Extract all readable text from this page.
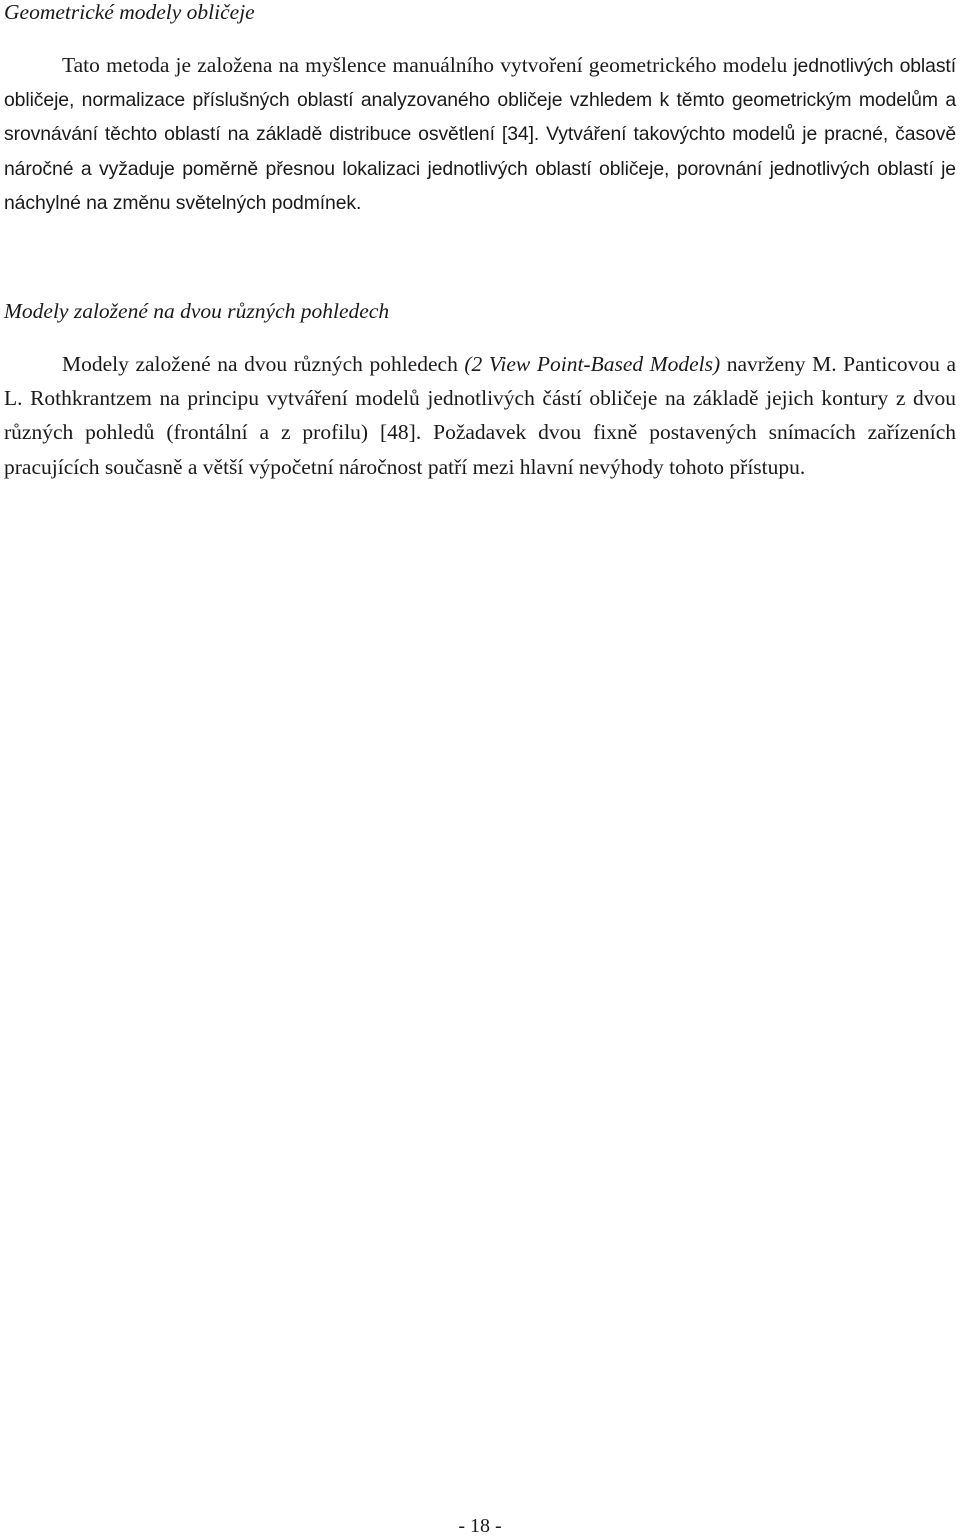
Geometrické modely obličeje

Tato metoda je založena na myšlence manuálního vytvoření geometrického modelu jednotlivých oblastí obličeje, normalizace příslušných oblastí analyzovaného obličeje vzhledem k těmto geometrickým modelům a srovnávání těchto oblastí na základě distribuce osvětlení [34]. Vytváření takovýchto modelů je pracné, časově náročné a vyžaduje poměrně přesnou lokalizaci jednotlivých oblastí obličeje, porovnání jednotlivých oblastí je náchylné na změnu světelných podmínek.

Modely založené na dvou různých pohledech

Modely založené na dvou různých pohledech (2 View Point-Based Models) navrženy M. Panticovou a L. Rothkrantzem na principu vytváření modelů jednotlivých částí obličeje na základě jejich kontury z dvou různých pohledů (frontální a z profilu) [48]. Požadavek dvou fixně postavených snímacích zařízeních pracujících současně a větší výpočetní náročnost patří mezi hlavní nevýhody tohoto přístupu.

- 18 -
